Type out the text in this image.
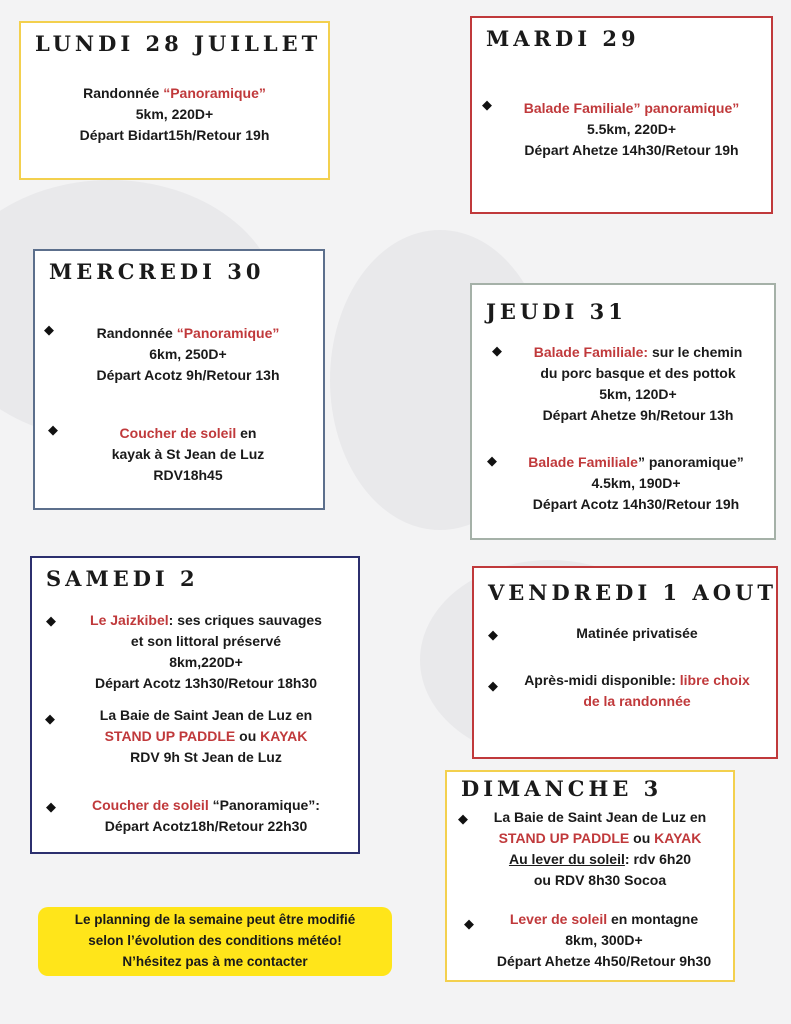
LUNDI 28 JUILLET
Randonnée “Panoramique”
5km, 220D+
Départ Bidart15h/Retour 19h
MARDI 29
◆	Balade Familiale” panoramique”
5.5km, 220D+
Départ Ahetze 14h30/Retour 19h
MERCREDI 30
◆	Randonnée “Panoramique”
6km, 250D+
Départ Acotz 9h/Retour 13h
◆	Coucher de soleil en
kayak à St Jean de Luz
RDV18h45
JEUDI 31
◆	Balade Familiale: sur le chemin
du porc basque et des pottok
5km, 120D+
Départ Ahetze 9h/Retour 13h
◆	Balade Familiale” panoramique”
4.5km, 190D+
Départ Acotz 14h30/Retour 19h
SAMEDI 2
◆	Le Jaizkibel: ses criques sauvages
et son littoral préservé
8km,220D+
Départ Acotz 13h30/Retour 18h30
◆	La Baie de Saint Jean de Luz en
STAND UP PADDLE ou KAYAK
RDV 9h St Jean de Luz
◆	Coucher de soleil “Panoramique”:
Départ Acotz18h/Retour 22h30
VENDREDI 1 AOUT
◆	Matinée privatisée
◆	Après-midi disponible: libre choix
de la randonnée
DIMANCHE 3
◆	La Baie de Saint Jean de Luz en
STAND UP PADDLE ou KAYAK
Au lever du soleil: rdv 6h20
ou RDV 8h30 Socoa
◆	Lever de soleil en montagne
8km, 300D+
Départ Ahetze 4h50/Retour 9h30
Le planning de la semaine peut être modifié
selon l’évolution des conditions météo!
N’hésitez pas à me contacter
